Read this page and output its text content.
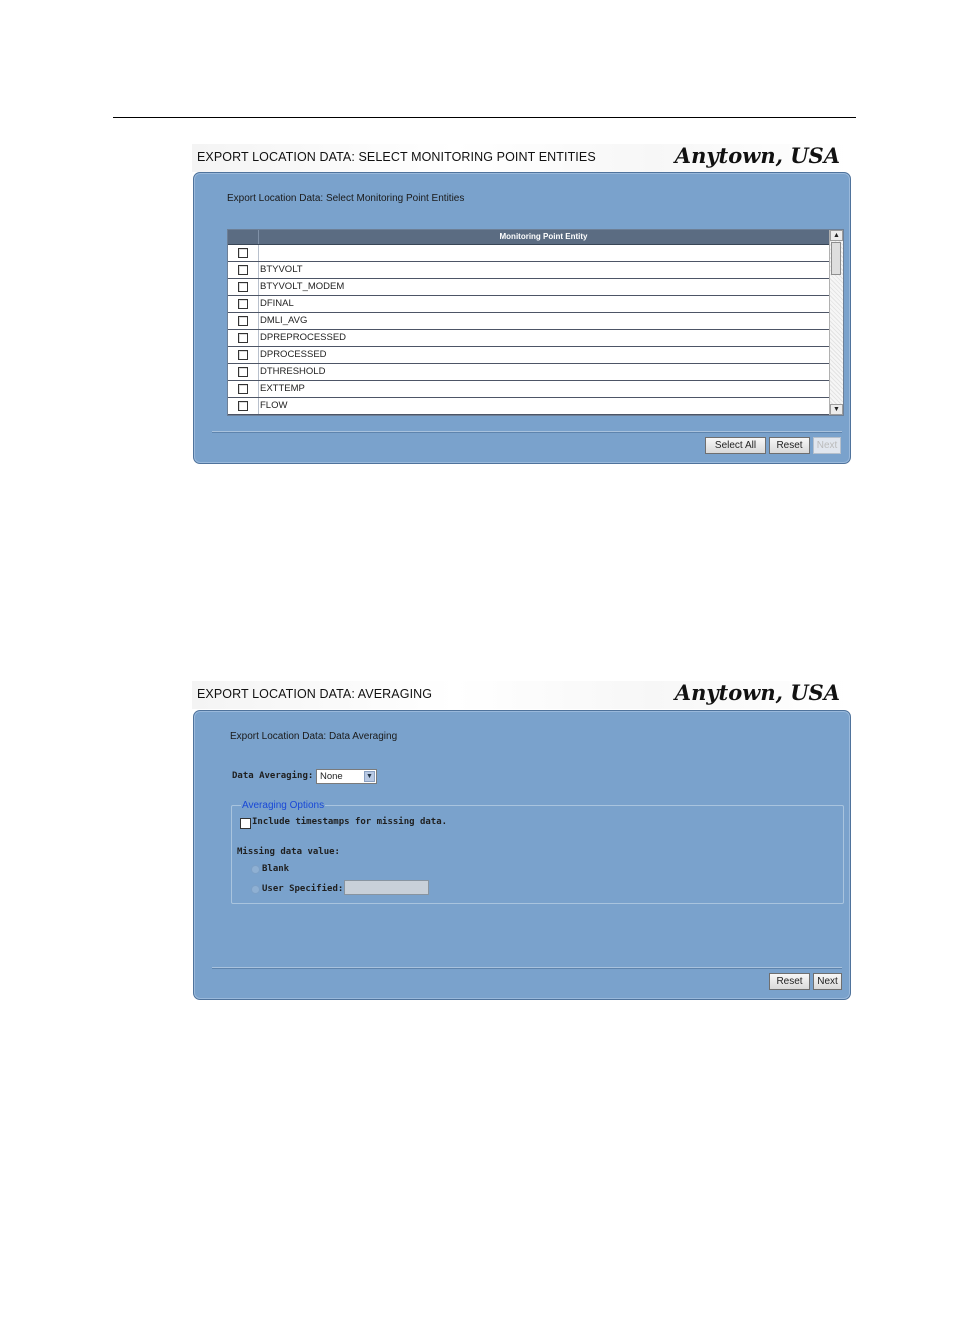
EXPORT LOCATION DATA: SELECT MONITORING POINT ENTITIES	Anytown, USA
Export Location Data: Select Monitoring Point Entities
Monitoring Point Entity
BTYVOLT
BTYVOLT_MODEM
DFINAL
DMLI_AVG
DPREPROCESSED
DPROCESSED
DTHRESHOLD
EXTTEMP
FLOW
▲
▼
Select All	Reset	Next
EXPORT LOCATION DATA: AVERAGING	Anytown, USA
Export Location Data: Data Averaging
Data Averaging: None	▼
Averaging Options
Include timestamps for missing data.
Missing data value:
Blank
User Specified:
Reset	Next
